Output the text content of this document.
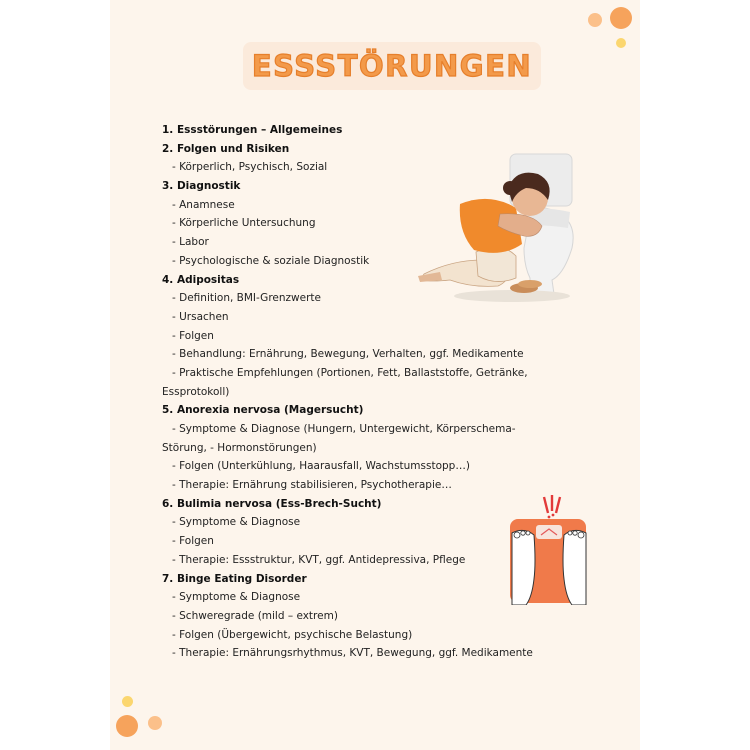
ESSSTÖRUNGEN
1. Essstörungen – Allgemeines
2. Folgen und Risiken
- Körperlich, Psychisch, Sozial
3. Diagnostik
- Anamnese
- Körperliche Untersuchung
- Labor
- Psychologische & soziale Diagnostik
4. Adipositas
- Definition, BMI-Grenzwerte
- Ursachen
- Folgen
- Behandlung: Ernährung, Bewegung, Verhalten, ggf. Medikamente
- Praktische Empfehlungen (Portionen, Fett, Ballaststoffe, Getränke,
Essprotokoll)
5. Anorexia nervosa (Magersucht)
- Symptome & Diagnose (Hungern, Untergewicht, Körperschema-
Störung, - Hormonstörungen)
- Folgen (Unterkühlung, Haarausfall, Wachstumsstopp…)
- Therapie: Ernährung stabilisieren, Psychotherapie…
6. Bulimia nervosa (Ess-Brech-Sucht)
- Symptome & Diagnose
- Folgen
- Therapie: Essstruktur, KVT, ggf. Antidepressiva, Pflege
7. Binge Eating Disorder
- Symptome & Diagnose
- Schweregrade (mild – extrem)
- Folgen (Übergewicht, psychische Belastung)
- Therapie: Ernährungsrhythmus, KVT, Bewegung, ggf. Medikamente
